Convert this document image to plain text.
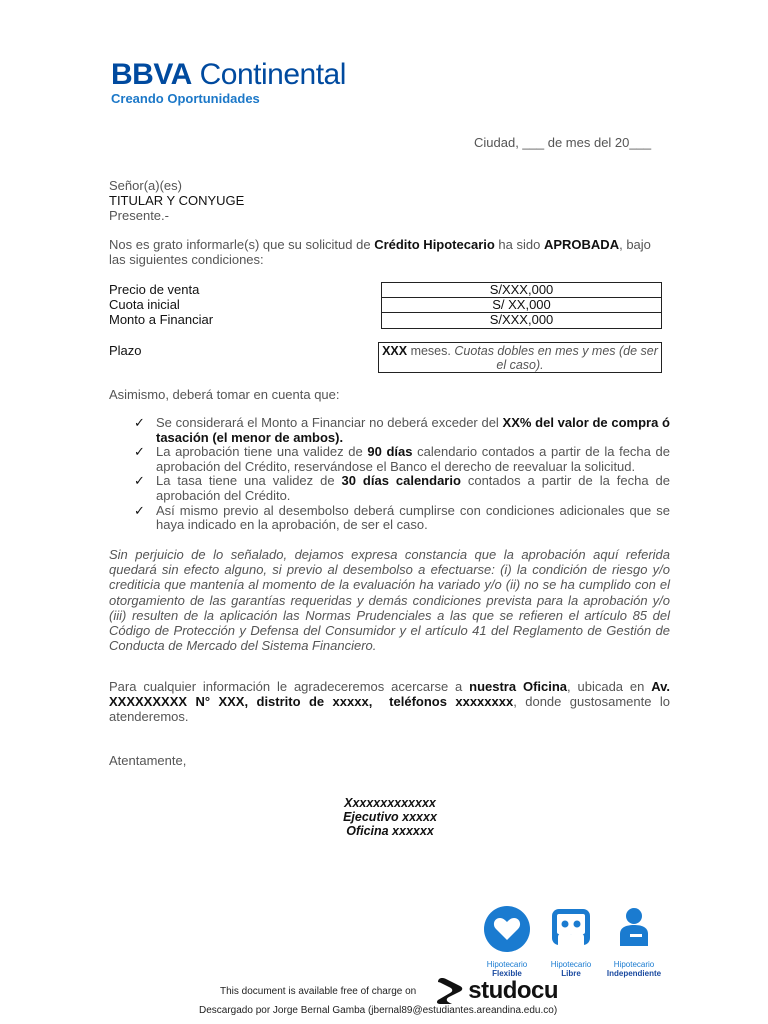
BBVA Continental
Creando Oportunidades
Ciudad, ___ de mes del 20___
Señor(a)(es)
TITULAR Y CONYUGE
Presente.-
Nos es grato informarle(s) que su solicitud de Crédito Hipotecario ha sido APROBADA, bajo las siguientes condiciones:
Precio de venta
Cuota inicial
Monto a Financiar
S/XXX,000
S/ XX,000
S/XXX,000
Plazo	XXX meses. Cuotas dobles en mes y mes (de ser el caso).
Asimismo, deberá tomar en cuenta que:
✓ Se considerará el Monto a Financiar no deberá exceder del XX% del valor de compra ó tasación (el menor de ambos).
✓ La aprobación tiene una validez de 90 días calendario contados a partir de la fecha de aprobación del Crédito, reservándose el Banco el derecho de reevaluar la solicitud.
✓ La tasa tiene una validez de 30 días calendario contados a partir de la fecha de aprobación del Crédito.
✓ Así mismo previo al desembolso deberá cumplirse con condiciones adicionales que se haya indicado en la aprobación, de ser el caso.
Sin perjuicio de lo señalado, dejamos expresa constancia que la aprobación aquí referida quedará sin efecto alguno, si previo al desembolso a efectuarse: (i) la condición de riesgo y/o crediticia que mantenía al momento de la evaluación ha variado y/o (ii) no se ha cumplido con el otorgamiento de las garantías requeridas y demás condiciones prevista para la aprobación y/o (iii) resulten de la aplicación las Normas Prudenciales a las que se refieren el artículo 85 del Código de Protección y Defensa del Consumidor y el artículo 41 del Reglamento de Gestión de Conducta de Mercado del Sistema Financiero.
Para cualquier información le agradeceremos acercarse a nuestra Oficina, ubicada en Av. XXXXXXXXX N° XXX, distrito de xxxxx, teléfonos xxxxxxxx, donde gustosamente lo atenderemos.
Atentamente,
Xxxxxxxxxxxxx
Ejecutivo xxxxx
Oficina xxxxxx
Hipotecario
Flexible
Hipotecario
Libre
Hipotecario
Independiente
This document is available free of charge on studocu
Descargado por Jorge Bernal Gamba (jbernal89@estudiantes.areandina.edu.co)
